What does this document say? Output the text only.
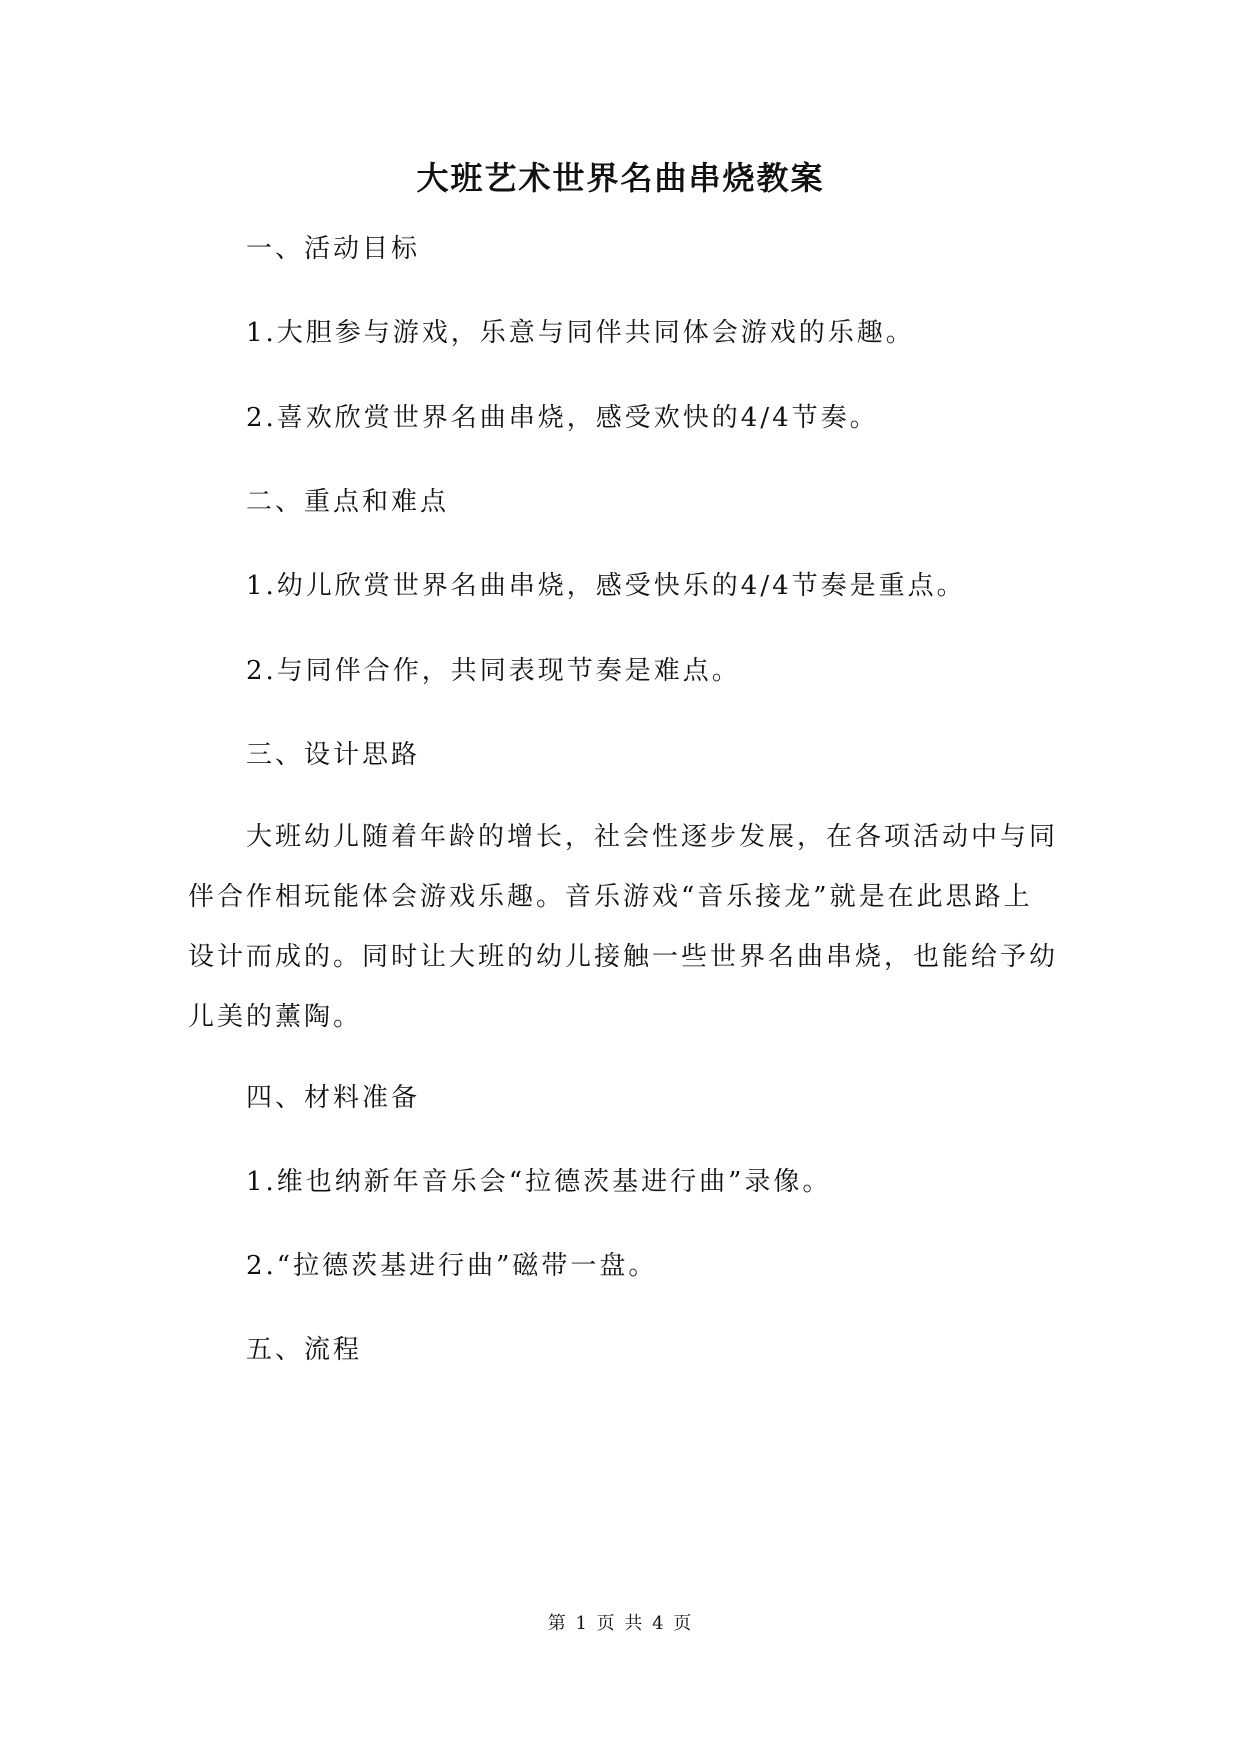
大班艺术世界名曲串烧教案
一、活动目标
1.大胆参与游戏，乐意与同伴共同体会游戏的乐趣。
2.喜欢欣赏世界名曲串烧，感受欢快的4/4节奏。
二、重点和难点
1.幼儿欣赏世界名曲串烧，感受快乐的4/4节奏是重点。
2.与同伴合作，共同表现节奏是难点。
三、设计思路
大班幼儿随着年龄的增长，社会性逐步发展，在各项活动中与同
伴合作相玩能体会游戏乐趣。音乐游戏“音乐接龙”就是在此思路上
设计而成的。同时让大班的幼儿接触一些世界名曲串烧，也能给予幼
儿美的薰陶。
四、材料准备
1.维也纳新年音乐会“拉德茨基进行曲”录像。
2.“拉德茨基进行曲”磁带一盘。
五、流程
第 1 页 共 4 页
